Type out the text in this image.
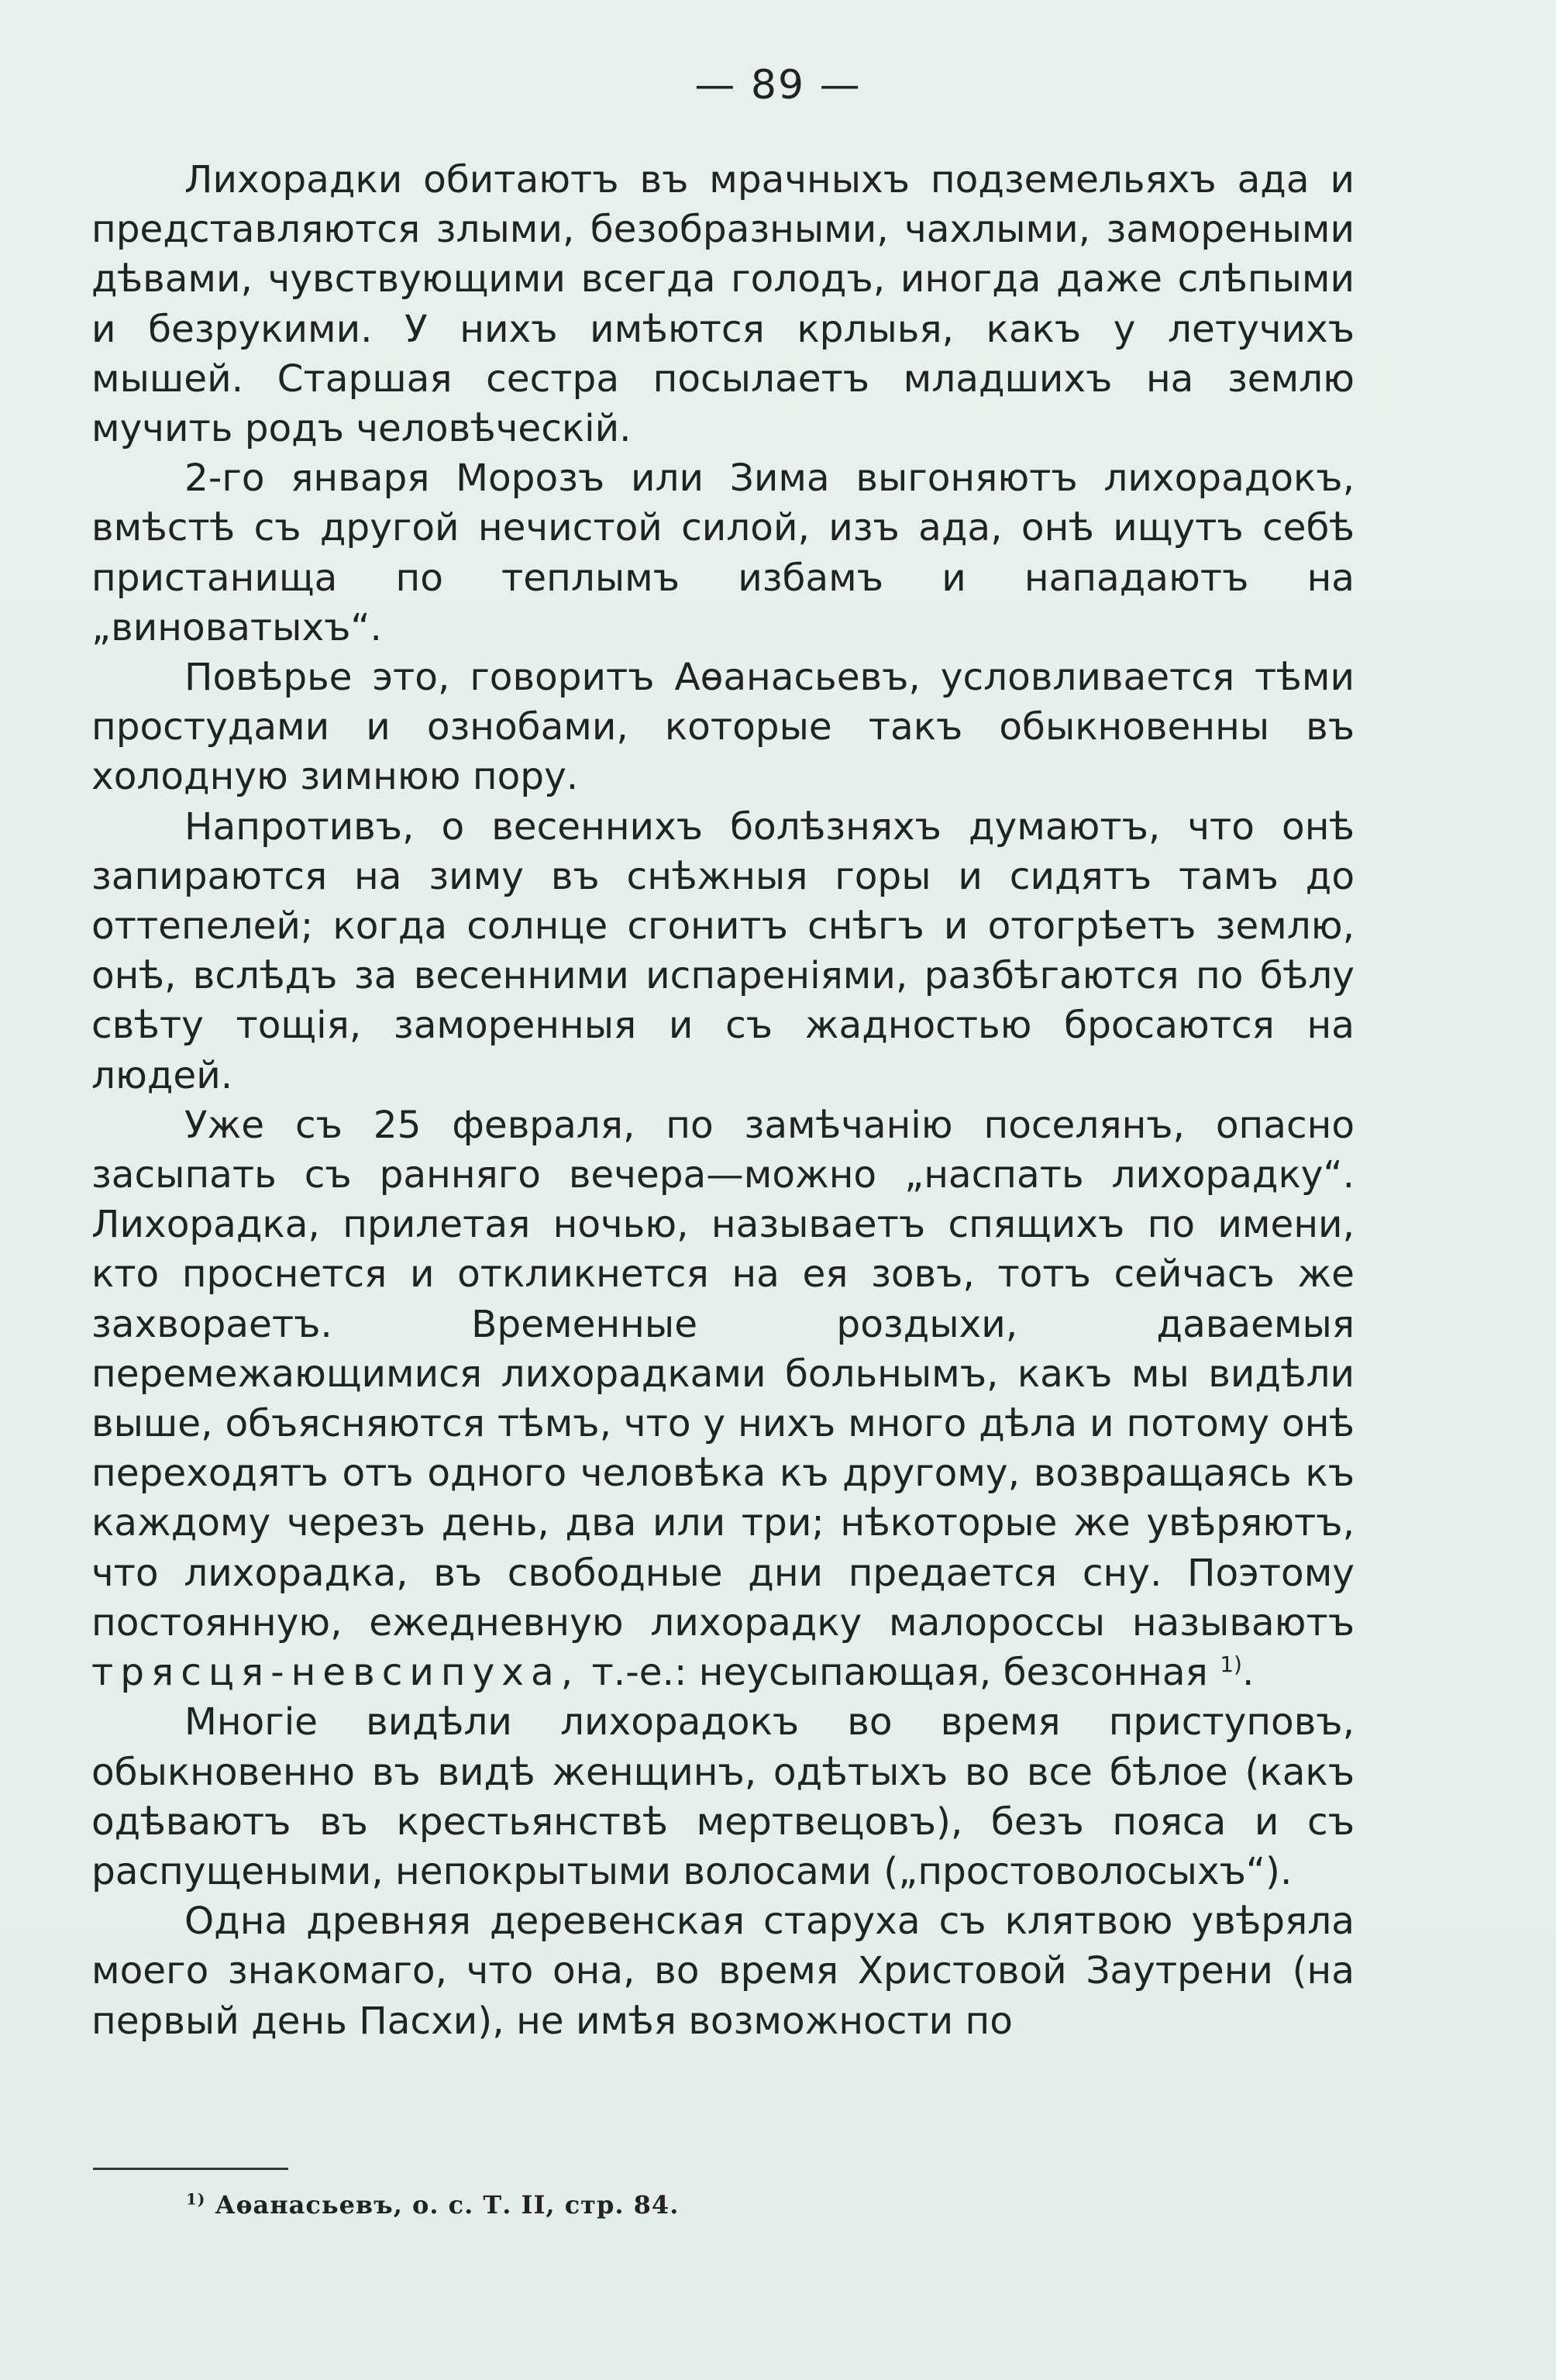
— 89 —

Лихорадки обитаютъ въ мрачныхъ подземельяхъ ада и представляются злыми, безобразными, чахлыми, замореными дѣвами, чувствующими всегда голодъ, иногда даже слѣпыми и безрукими. У нихъ имѣются крлыья, какъ у летучихъ мышей. Старшая сестра посылаетъ младшихъ на землю мучить родъ человѣческій.

2-го января Морозъ или Зима выгоняютъ лихорадокъ, вмѣстѣ съ другой нечистой силой, изъ ада, онѣ ищутъ себѣ пристанища по теплымъ избамъ и нападаютъ на „виноватыхъ“.

Повѣрье это, говоритъ Аѳанасьевъ, условливается тѣми простудами и ознобами, которые такъ обыкновенны въ холодную зимнюю пору.

Напротивъ, о весеннихъ болѣзняхъ думаютъ, что онѣ запираются на зиму въ снѣжныя горы и сидятъ тамъ до оттепелей; когда солнце сгонитъ снѣгъ и отогрѣетъ землю, онѣ, вслѣдъ за весенними испареніями, разбѣгаются по бѣлу свѣту тощія, заморенныя и съ жадностью бросаются на людей.

Уже съ 25 февраля, по замѣчанію поселянъ, опасно засыпать съ ранняго вечера—можно „наспать лихорадку“. Лихорадка, прилетая ночью, называетъ спящихъ по имени, кто проснется и откликнется на ея зовъ, тотъ сейчасъ же захвораетъ. Временные роздыхи, даваемыя перемежающимися лихорадками больнымъ, какъ мы видѣли выше, объясняются тѣмъ, что у нихъ много дѣла и потому онѣ переходятъ отъ одного человѣка къ другому, возвращаясь къ каждому черезъ день, два или три; нѣкоторые же увѣряютъ, что лихорадка, въ свободные дни предается сну. Поэтому постоянную, ежедневную лихорадку малороссы называютъ трясця-невсипуха, т.-е.: неусыпающая, безсонная $^{1)}$.

Многіе видѣли лихорадокъ во время приступовъ, обыкновенно въ видѣ женщинъ, одѣтыхъ во все бѣлое (какъ одѣваютъ въ крестьянствѣ мертвецовъ), безъ пояса и съ распущеными, непокрытыми волосами („простоволосыхъ“).

Одна древняя деревенская старуха съ клятвою увѣряла моего знакомаго, что она, во время Христовой Заутрени (на первый день Пасхи), не имѣя возможности по

$^{1)}$ Аѳанасьевъ, о. с. Т. II, стр. 84.
